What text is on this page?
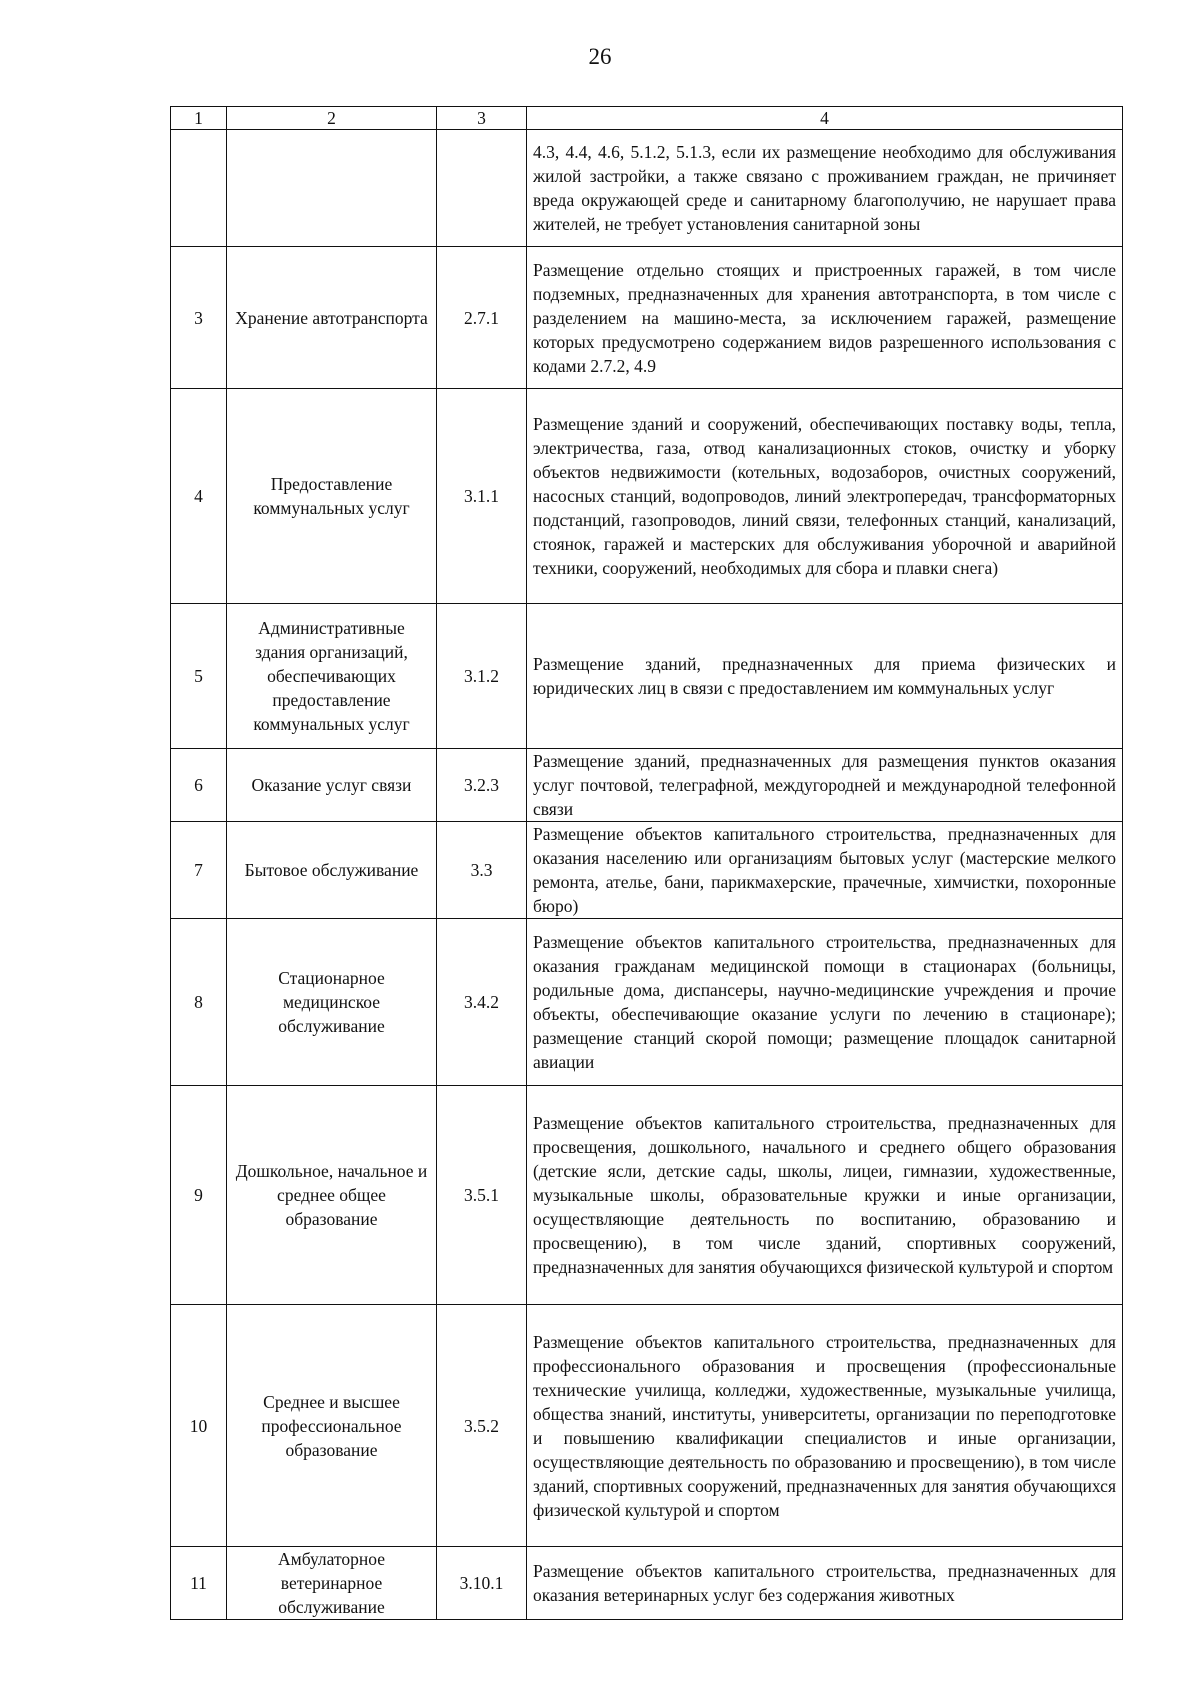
26
1	2	3	4
			4.3, 4.4, 4.6, 5.1.2, 5.1.3, если их размещение необходимо для обслуживания жилой застройки, а также связано с проживанием граждан, не причиняет вреда окружающей среде и санитарному благополучию, не нарушает права жителей, не требует установления санитарной зоны
3	Хранение автотранспорта	2.7.1	Размещение отдельно стоящих и пристроенных гаражей, в том числе подземных, предназначенных для хранения автотранспорта, в том числе с разделением на машино-места, за исключением гаражей, размещение которых предусмотрено содержанием видов разрешенного использования с кодами 2.7.2, 4.9
4	Предоставление коммунальных услуг	3.1.1	Размещение зданий и сооружений, обеспечивающих поставку воды, тепла, электричества, газа, отвод канализационных стоков, очистку и уборку объектов недвижимости (котельных, водозаборов, очистных сооружений, насосных станций, водопроводов, линий электропередач, трансформаторных подстанций, газопроводов, линий связи, телефонных станций, канализаций, стоянок, гаражей и мастерских для обслуживания уборочной и аварийной техники, сооружений, необходимых для сбора и плавки снега)
5	Административные здания организаций, обеспечивающих предоставление коммунальных услуг	3.1.2	Размещение зданий, предназначенных для приема физических и юридических лиц в связи с предоставлением им коммунальных услуг
6	Оказание услуг связи	3.2.3	Размещение зданий, предназначенных для размещения пунктов оказания услуг почтовой, телеграфной, междугородней и международной телефонной связи
7	Бытовое обслуживание	3.3	Размещение объектов капитального строительства, предназначенных для оказания населению или организациям бытовых услуг (мастерские мелкого ремонта, ателье, бани, парикмахерские, прачечные, химчистки, похоронные бюро)
8	Стационарное медицинское обслуживание	3.4.2	Размещение объектов капитального строительства, предназначенных для оказания гражданам медицинской помощи в стационарах (больницы, родильные дома, диспансеры, научно-медицинские учреждения и прочие объекты, обеспечивающие оказание услуги по лечению в стационаре); размещение станций скорой помощи; размещение площадок санитарной авиации
9	Дошкольное, начальное и среднее общее образование	3.5.1	Размещение объектов капитального строительства, предназначенных для просвещения, дошкольного, начального и среднего общего образования (детские ясли, детские сады, школы, лицеи, гимназии, художественные, музыкальные школы, образовательные кружки и иные организации, осуществляющие деятельность по воспитанию, образованию и просвещению), в том числе зданий, спортивных сооружений, предназначенных для занятия обучающихся физической культурой и спортом
10	Среднее и высшее профессиональное образование	3.5.2	Размещение объектов капитального строительства, предназначенных для профессионального образования и просвещения (профессиональные технические училища, колледжи, художественные, музыкальные училища, общества знаний, институты, университеты, организации по переподготовке и повышению квалификации специалистов и иные организации, осуществляющие деятельность по образованию и просвещению), в том числе зданий, спортивных сооружений, предназначенных для занятия обучающихся физической культурой и спортом
11	Амбулаторное ветеринарное обслуживание	3.10.1	Размещение объектов капитального строительства, предназначенных для оказания ветеринарных услуг без содержания животных
